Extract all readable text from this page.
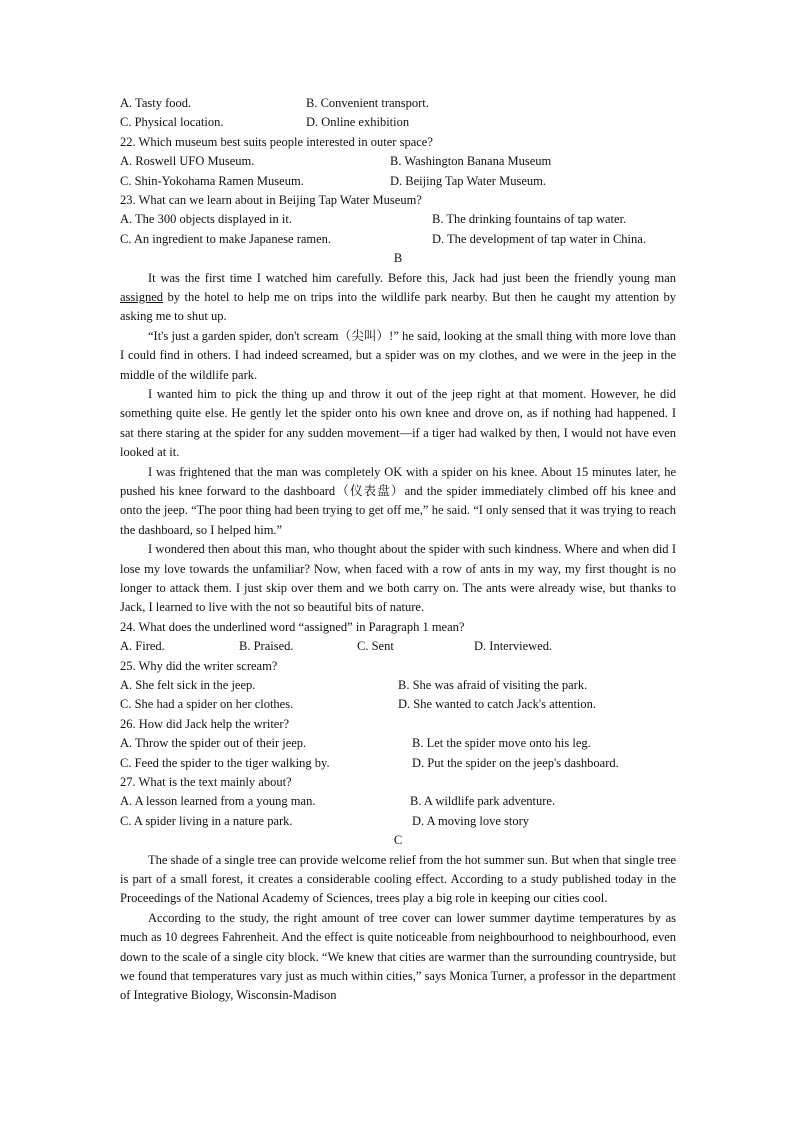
A. Tasty food.	B. Convenient transport.
C. Physical location.	D. Online exhibition
22. Which museum best suits people interested in outer space?
A. Roswell UFO Museum.	B. Washington Banana Museum
C. Shin-Yokohama Ramen Museum.	D. Beijing Tap Water Museum.
23. What can we learn about in Beijing Tap Water Museum?
A. The 300 objects displayed in it.	B. The drinking fountains of tap water.
C. An ingredient to make Japanese ramen.	D. The development of tap water in China.
B

It was the first time I watched him carefully. Before this, Jack had just been the friendly young man assigned by the hotel to help me on trips into the wildlife park nearby. But then he caught my attention by asking me to shut up.

“It's just a garden spider, don't scream（尖叫）!” he said, looking at the small thing with more love than I could find in others. I had indeed screamed, but a spider was on my clothes, and we were in the jeep in the middle of the wildlife park.

I wanted him to pick the thing up and throw it out of the jeep right at that moment. However, he did something quite else. He gently let the spider onto his own knee and drove on, as if nothing had happened. I sat there staring at the spider for any sudden movement—if a tiger had walked by then, I would not have even looked at it.

I was frightened that the man was completely OK with a spider on his knee. About 15 minutes later, he pushed his knee forward to the dashboard（仪表盘）and the spider immediately climbed off his knee and onto the jeep. “The poor thing had been trying to get off me,” he said. “I only sensed that it was trying to reach the dashboard, so I helped him.”

I wondered then about this man, who thought about the spider with such kindness. Where and when did I lose my love towards the unfamiliar? Now, when faced with a row of ants in my way, my first thought is no longer to attack them. I just skip over them and we both carry on. The ants were already wise, but thanks to Jack, I learned to live with the not so beautiful bits of nature.

24. What does the underlined word “assigned” in Paragraph 1 mean?
A. Fired.	B. Praised.	C. Sent	D. Interviewed.
25. Why did the writer scream?
A. She felt sick in the jeep.	B. She was afraid of visiting the park.
C. She had a spider on her clothes.	D. She wanted to catch Jack's attention.
26. How did Jack help the writer?
A. Throw the spider out of their jeep.	B. Let the spider move onto his leg.
C. Feed the spider to the tiger walking by.	D. Put the spider on the jeep's dashboard.
27. What is the text mainly about?
A. A lesson learned from a young man.	B. A wildlife park adventure.
C. A spider living in a nature park.	D. A moving love story
C

The shade of a single tree can provide welcome relief from the hot summer sun. But when that single tree is part of a small forest, it creates a considerable cooling effect. According to a study published today in the Proceedings of the National Academy of Sciences, trees play a big role in keeping our cities cool.

According to the study, the right amount of tree cover can lower summer daytime temperatures by as much as 10 degrees Fahrenheit. And the effect is quite noticeable from neighbourhood to neighbourhood, even down to the scale of a single city block. “We knew that cities are warmer than the surrounding countryside, but we found that temperatures vary just as much within cities,” says Monica Turner, a professor in the department of Integrative Biology, Wisconsin-Madison
